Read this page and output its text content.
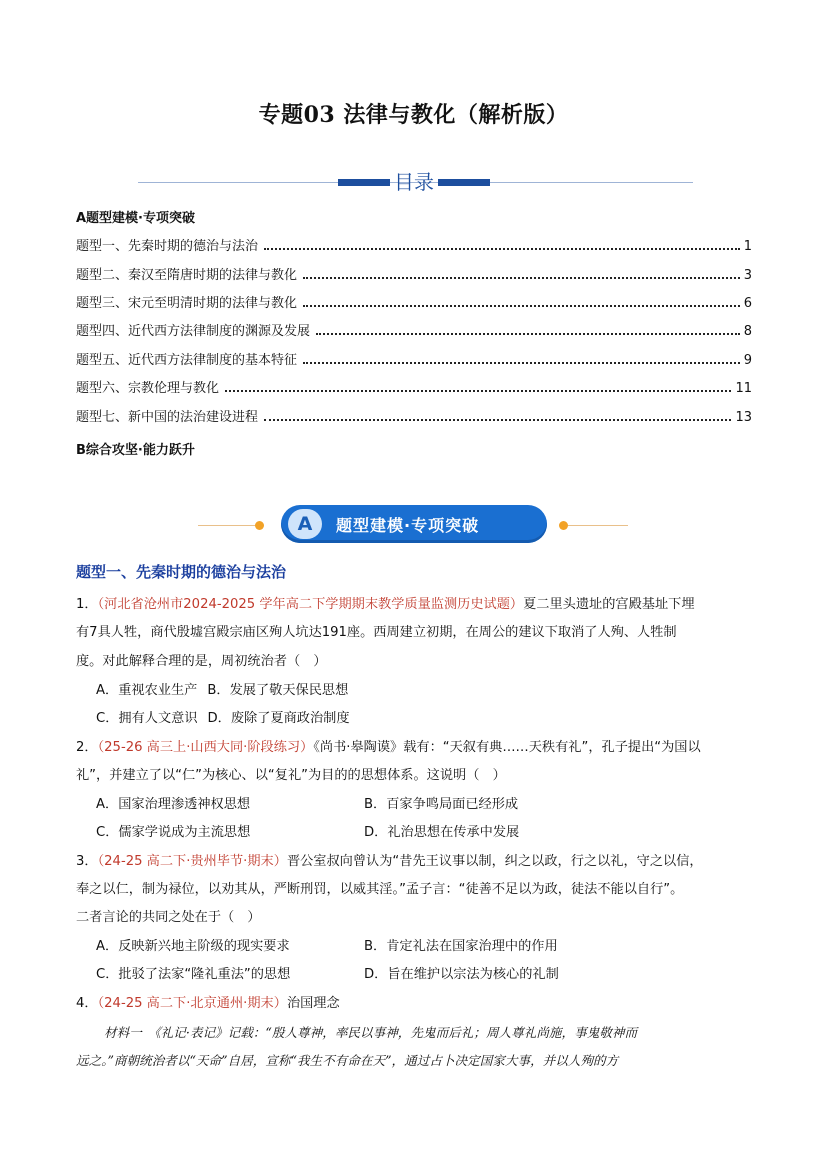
专题03 法律与教化（解析版）
目录
A题型建模·专项突破
题型一、先秦时期的德治与法治	1
题型二、秦汉至隋唐时期的法律与教化	3
题型三、宋元至明清时期的法律与教化	6
题型四、近代西方法律制度的渊源及发展	8
题型五、近代西方法律制度的基本特征	9
题型六、宗教伦理与教化	11
题型七、新中国的法治建设进程	13
B综合攻坚·能力跃升
A	题型建模·专项突破
题型一、先秦时期的德治与法治
1．（河北省沧州市2024-2025 学年高二下学期期末教学质量监测历史试题）夏二里头遗址的宫殿基址下埋
有7具人牲，商代殷墟宫殿宗庙区殉人坑达191座。西周建立初期，在周公的建议下取消了人殉、人牲制
度。对此解释合理的是，周初统治者（　）
A．重视农业生产 B．发展了敬天保民思想
C．拥有人文意识 D．废除了夏商政治制度
2．（25-26 高三上·山西大同·阶段练习）《尚书·皋陶谟》载有：“天叙有典……天秩有礼”，孔子提出“为国以
礼”，并建立了以“仁”为核心、以“复礼”为目的的思想体系。这说明（　）
A．国家治理渗透神权思想	B．百家争鸣局面已经形成
C．儒家学说成为主流思想	D．礼治思想在传承中发展
3．（24-25 高二下·贵州毕节·期末）晋公室叔向曾认为“昔先王议事以制，纠之以政，行之以礼，守之以信，
奉之以仁，制为禄位，以劝其从，严断刑罚，以威其淫。”孟子言：“徒善不足以为政，徒法不能以自行”。
二者言论的共同之处在于（　）
A．反映新兴地主阶级的现实要求	B．肯定礼法在国家治理中的作用
C．批驳了法家“隆礼重法”的思想	D．旨在维护以宗法为核心的礼制
4．（24-25 高二下·北京通州·期末）治国理念
材料一　《礼记·表记》记载：“殷人尊神，率民以事神，先鬼而后礼；周人尊礼尚施，事鬼敬神而
远之。”商朝统治者以“天命”自居，宣称“我生不有命在天”，通过占卜决定国家大事，并以人殉的方
